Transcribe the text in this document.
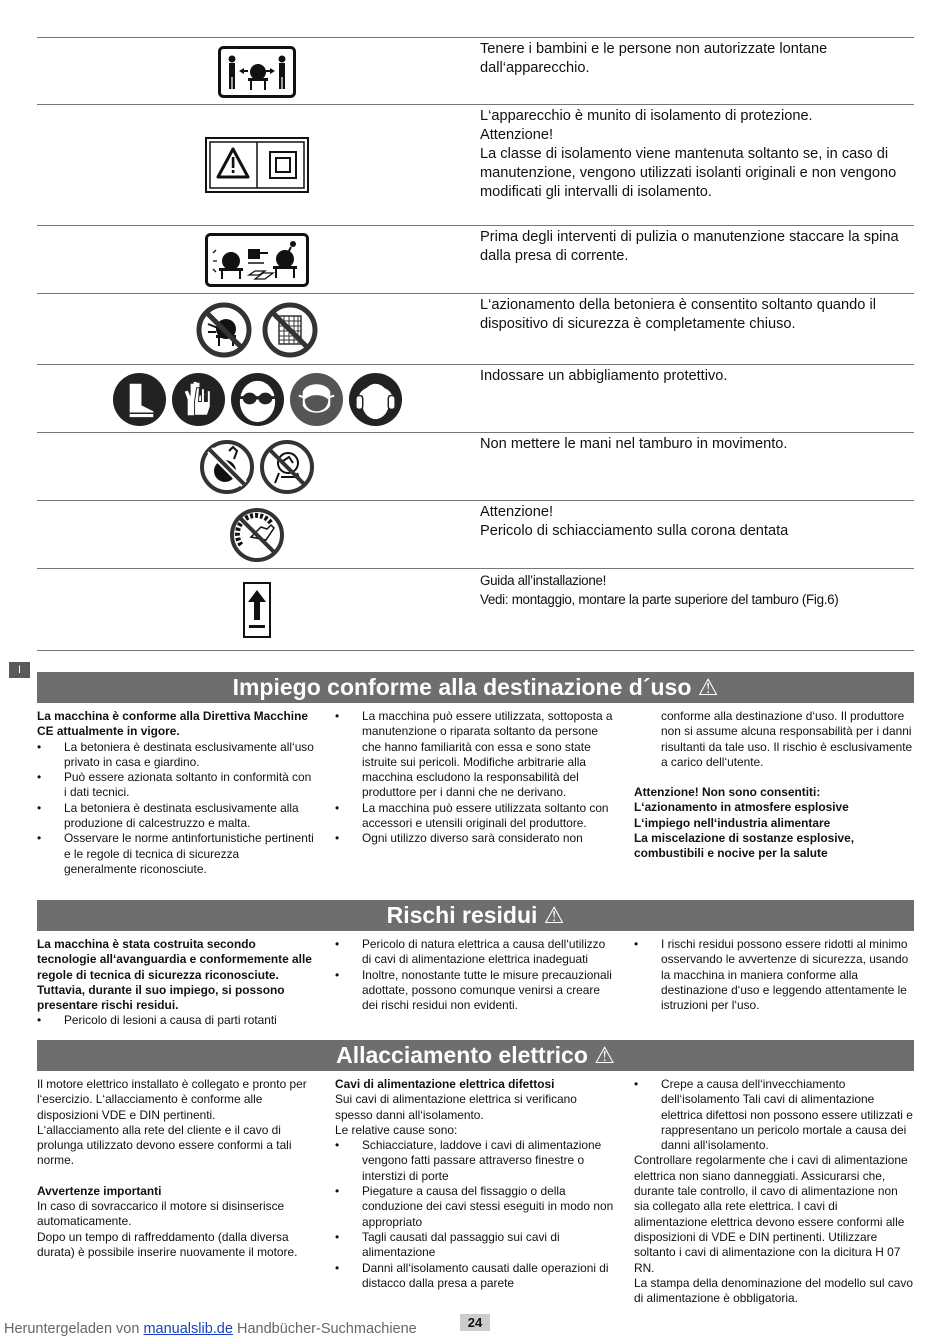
Tenere i bambini e le persone non autorizzate lontane dall‘apparecchio.

L‘apparecchio è munito di isolamento di protezione.

Attenzione!

La classe di isolamento viene mantenuta soltanto se, in caso di manutenzione, vengono utilizzati isolanti originali e non vengono modificati gli intervalli di isolamento.

Prima degli interventi di pulizia o manutenzione staccare la spina dalla presa di corrente.

L‘azionamento della betoniera è consentito soltanto quando il dispositivo di sicurezza è completamente chiuso.

Indossare un abbigliamento protettivo.

Non mettere le mani nel tamburo in movimento.

Attenzione!

Pericolo di schiacciamento sulla corona dentata

Guida all’installazione!

Vedi: montaggio, montare la parte superiore del tamburo (Fig.6)

I
Impiego conforme alla destinazione d´uso ⚠

La macchina è conforme alla Direttiva Macchine CE attualmente in vigore.

• La betoniera è destinata esclusivamente all‘uso privato in casa e giardino.

• Può essere azionata soltanto in conformità con i dati tecnici.

• La betoniera è destinata esclusivamente alla produzione di calcestruzzo e malta.

• Osservare le norme antinfortunistiche pertinenti e le regole di tecnica di sicurezza generalmente riconosciute.

• La macchina può essere utilizzata, sottoposta a manutenzione o riparata soltanto da persone che hanno familiarità con essa e sono state istruite sui pericoli. Modifiche arbitrarie alla macchina escludono la responsabilità del produttore per i danni che ne derivano.

• La macchina può essere utilizzata soltanto con accessori e utensili originali del produttore.

• Ogni utilizzo diverso sarà considerato non

conforme alla destinazione d‘uso. Il produttore non si assume alcuna responsabilità per i danni risultanti da tale uso. Il rischio è esclusivamente a carico dell‘utente.

Attenzione! Non sono consentiti:

L‘azionamento in atmosfere esplosive

L‘impiego nell‘industria alimentare

La miscelazione di sostanze esplosive, combustibili e nocive per la salute

Rischi residui ⚠

La macchina è stata costruita secondo tecnologie all‘avanguardia e conformemente alle regole di tecnica di sicurezza riconosciute. Tuttavia, durante il suo impiego, si possono presentare rischi residui.

• Pericolo di lesioni a causa di parti rotanti

• Pericolo di natura elettrica a causa dell‘utilizzo di cavi di alimentazione elettrica inadeguati

• Inoltre, nonostante tutte le misure precauzionali adottate, possono comunque venirsi a creare dei rischi residui non evidenti.

• I rischi residui possono essere ridotti al minimo osservando le avvertenze di sicurezza, usando la macchina in maniera conforme alla destinazione d‘uso e leggendo attentamente le istruzioni per l‘uso.

Allacciamento elettrico ⚠

Il motore elettrico installato è collegato e pronto per l‘esercizio. L‘allacciamento è conforme alle disposizioni VDE e DIN pertinenti.

L‘allacciamento alla rete del cliente e il cavo di prolunga utilizzato devono essere conformi a tali norme.

Avvertenze importanti

In caso di sovraccarico il motore si disinserisce automaticamente.

Dopo un tempo di raffreddamento (dalla diversa durata) è possibile inserire nuovamente il motore.

Cavi di alimentazione elettrica difettosi

Sui cavi di alimentazione elettrica si verificano spesso danni all‘isolamento.

Le relative cause sono:

• Schiacciature, laddove i cavi di alimentazione vengono fatti passare attraverso finestre o interstizi di porte

• Piegature a causa del fissaggio o della conduzione dei cavi stessi eseguiti in modo non appropriato

• Tagli causati dal passaggio sui cavi di alimentazione

• Danni all‘isolamento causati dalle operazioni di distacco dalla presa a parete

• Crepe a causa dell‘invecchiamento dell‘isolamento Tali cavi di alimentazione elettrica difettosi non possono essere utilizzati e rappresentano un pericolo mortale a causa dei danni all‘isolamento.

Controllare regolarmente che i cavi di alimentazione elettrica non siano danneggiati. Assicurarsi che, durante tale controllo, il cavo di alimentazione non sia collegato alla rete elettrica. I cavi di alimentazione elettrica devono essere conformi alle disposizioni di VDE e DIN pertinenti. Utilizzare soltanto i cavi di alimentazione con la dicitura H 07 RN.

La stampa della denominazione del modello sul cavo di alimentazione è obbligatoria.

Heruntergeladen von manualslib.de Handbücher-Suchmachiene	24
